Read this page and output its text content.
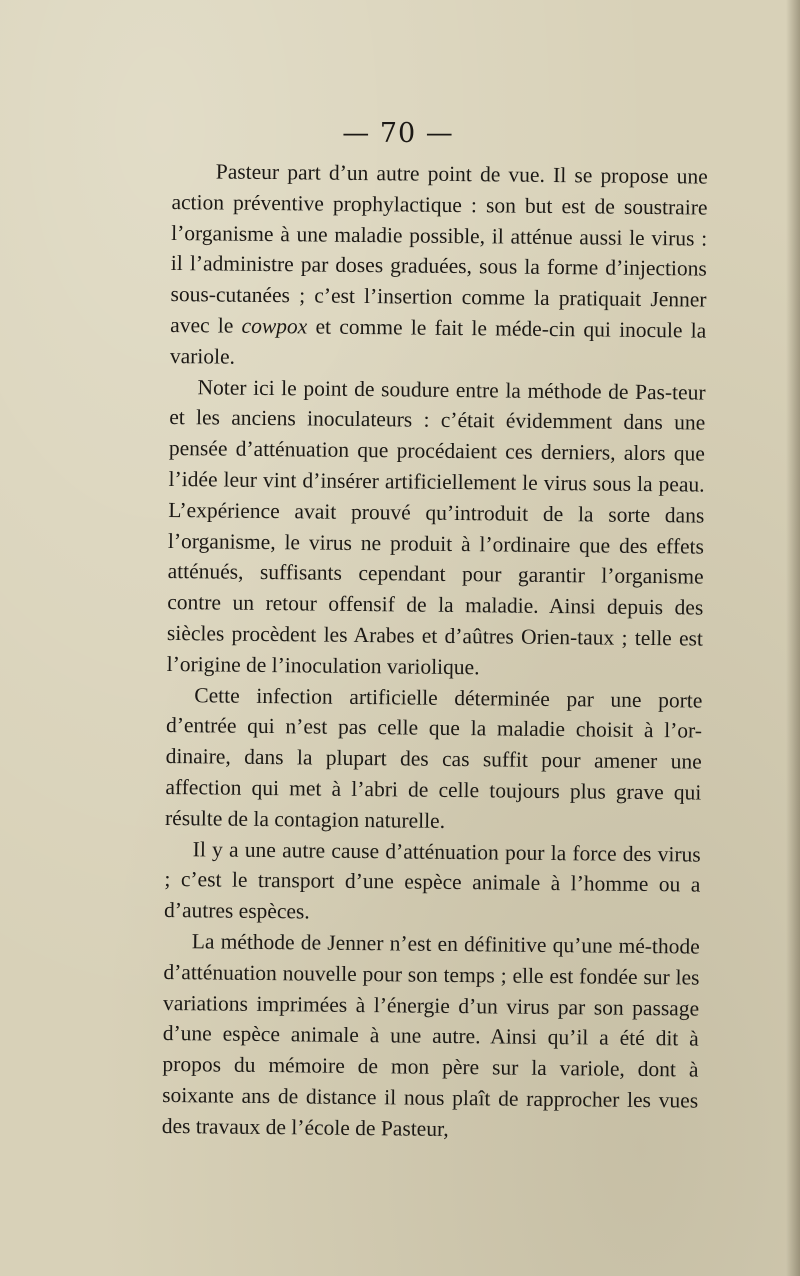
— 70 —

Pasteur part d’un autre point de vue. Il se propose une action préventive prophylactique : son but est de soustraire l’organisme à une maladie possible, il atténue aussi le virus : il l’administre par doses graduées, sous la forme d’injections sous-cutanées ; c’est l’insertion comme la pratiquait Jenner avec le cowpox et comme le fait le méde-cin qui inocule la variole.

Noter ici le point de soudure entre la méthode de Pas-teur et les anciens inoculateurs : c’était évidemment dans une pensée d’atténuation que procédaient ces derniers, alors que l’idée leur vint d’insérer artificiellement le virus sous la peau. L’expérience avait prouvé qu’introduit de la sorte dans l’organisme, le virus ne produit à l’ordinaire que des effets atténués, suffisants cependant pour garantir l’organisme contre un retour offensif de la maladie. Ainsi depuis des siècles procèdent les Arabes et d’aûtres Orien-taux ; telle est l’origine de l’inoculation variolique.

Cette infection artificielle déterminée par une porte d’entrée qui n’est pas celle que la maladie choisit à l’or-dinaire, dans la plupart des cas suffit pour amener une affection qui met à l’abri de celle toujours plus grave qui résulte de la contagion naturelle.

Il y a une autre cause d’atténuation pour la force des virus ; c’est le transport d’une espèce animale à l’homme ou a d’autres espèces.

La méthode de Jenner n’est en définitive qu’une mé-thode d’atténuation nouvelle pour son temps ; elle est fondée sur les variations imprimées à l’énergie d’un virus par son passage d’une espèce animale à une autre. Ainsi qu’il a été dit à propos du mémoire de mon père sur la variole, dont à soixante ans de distance il nous plaît de rapprocher les vues des travaux de l’école de Pasteur,
